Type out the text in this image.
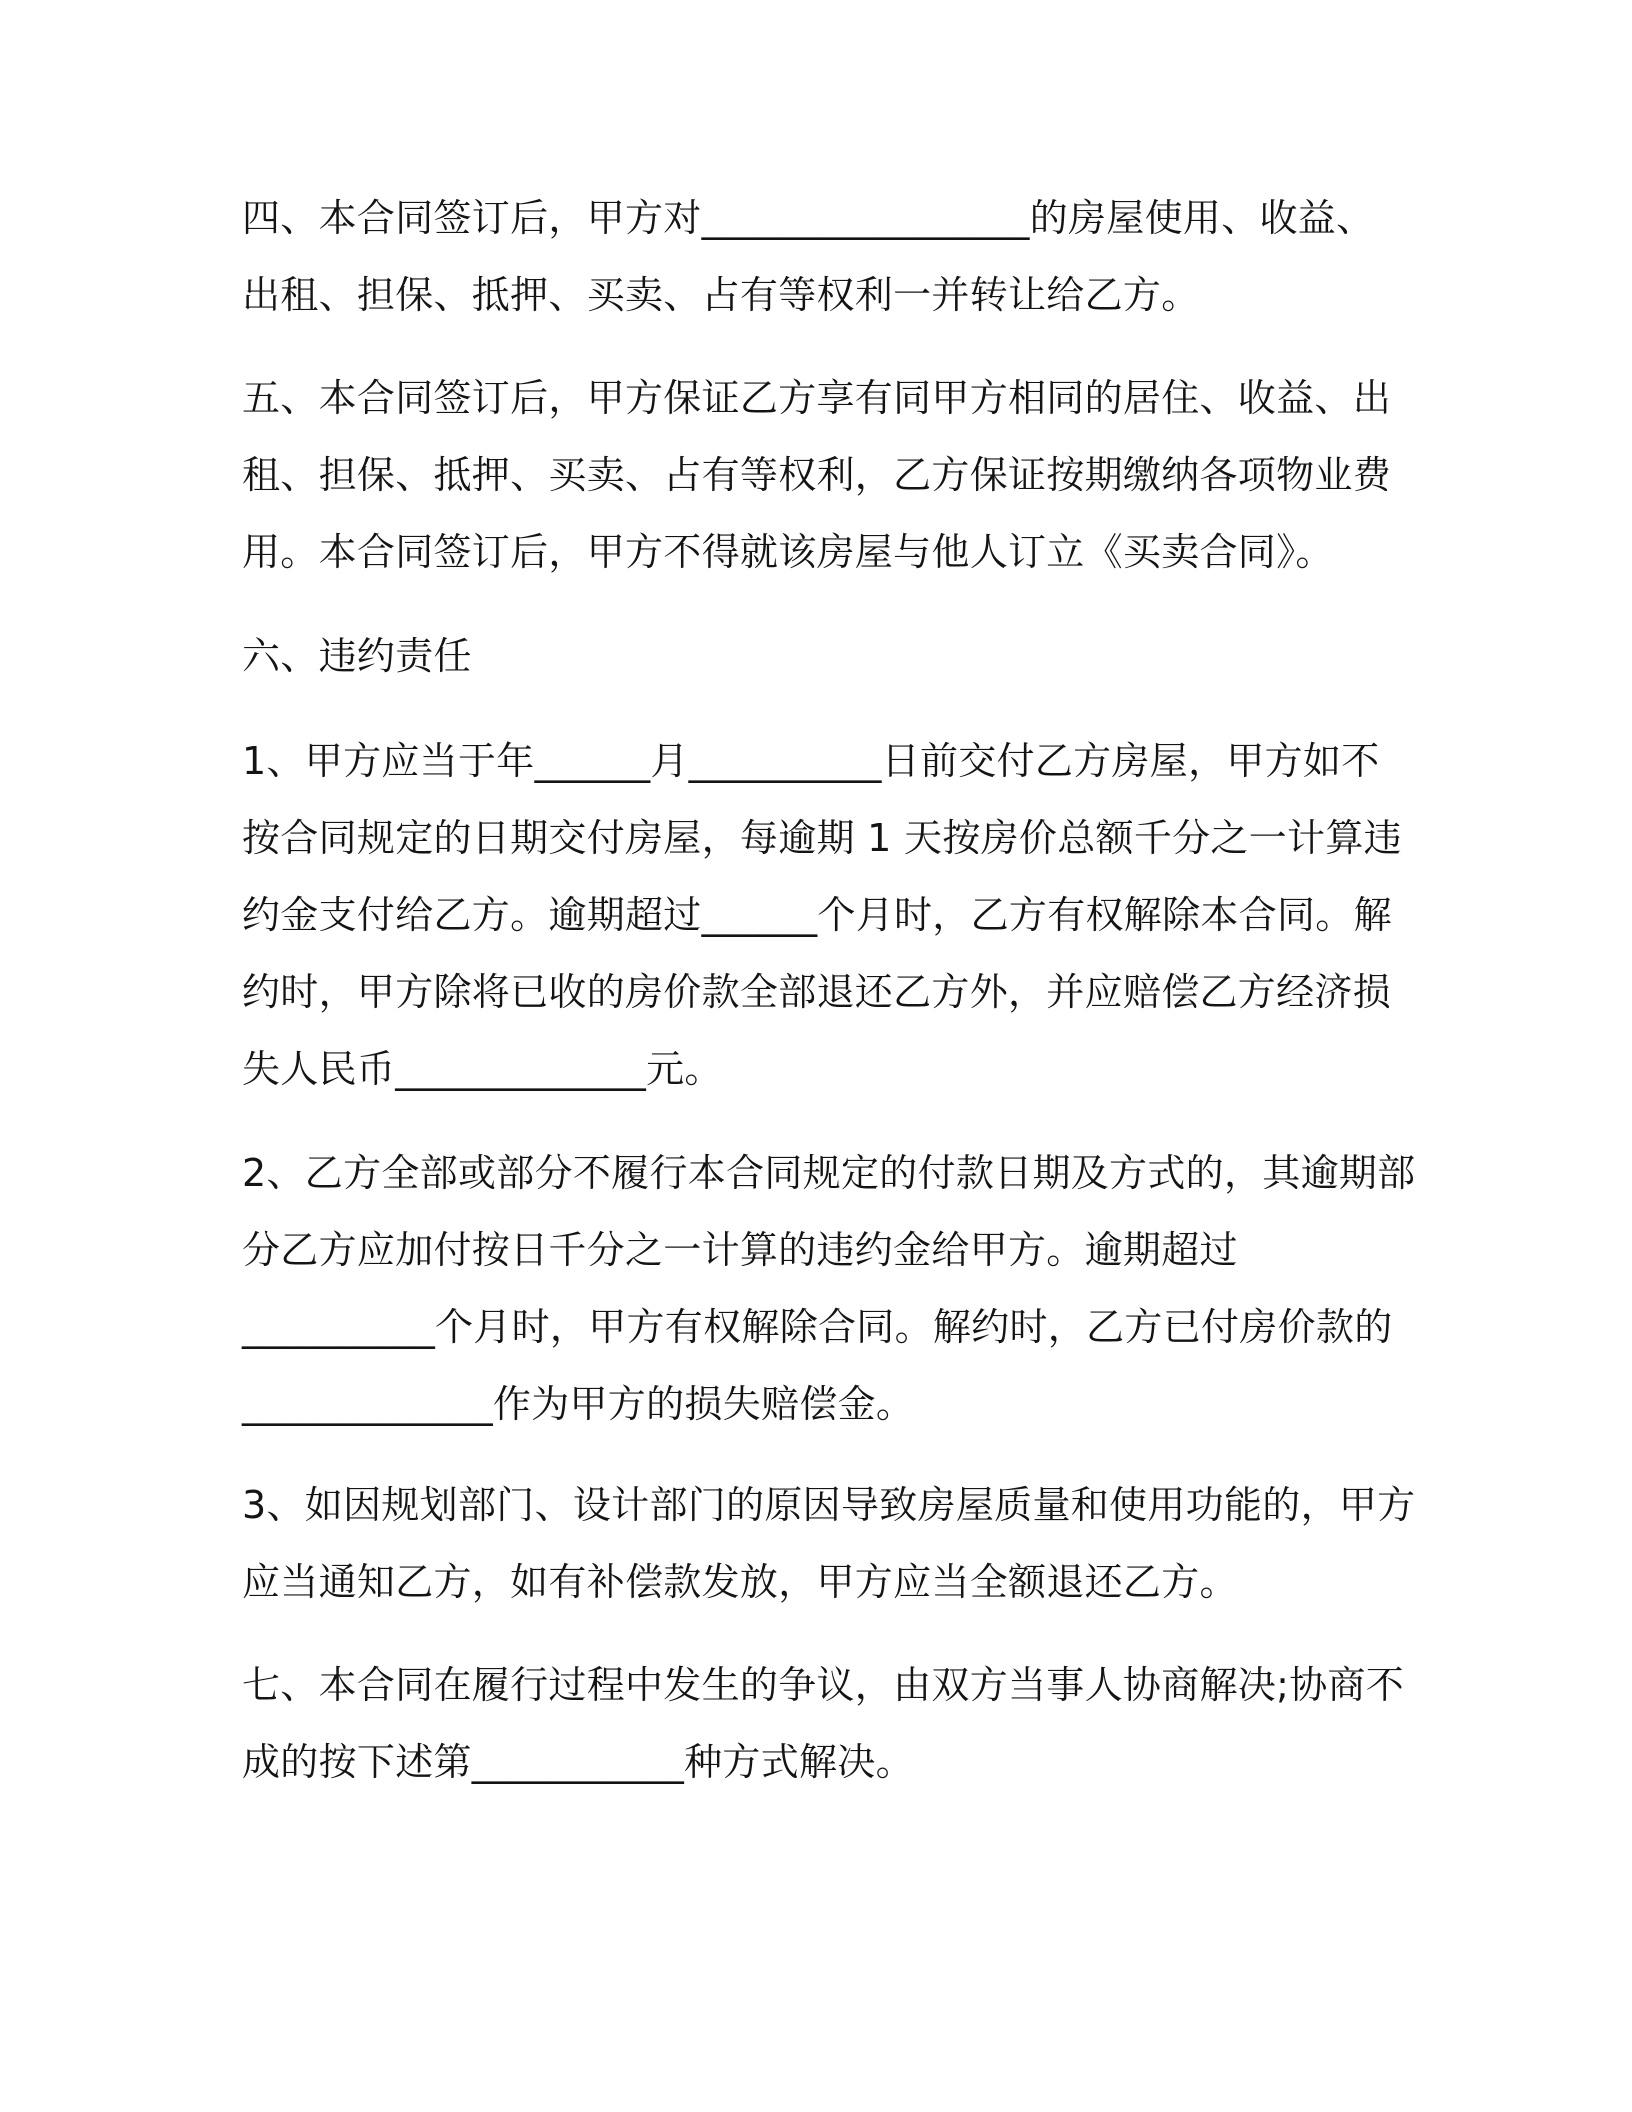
四、本合同签订后，甲方对_________________的房屋使用、收益、
出租、担保、抵押、买卖、占有等权利一并转让给乙方。
五、本合同签订后，甲方保证乙方享有同甲方相同的居住、收益、出
租、担保、抵押、买卖、占有等权利，乙方保证按期缴纳各项物业费
用。本合同签订后，甲方不得就该房屋与他人订立《买卖合同》。
六、违约责任
1、甲方应当于年______月__________日前交付乙方房屋，甲方如不
按合同规定的日期交付房屋，每逾期 1 天按房价总额千分之一计算违
约金支付给乙方。逾期超过______个月时，乙方有权解除本合同。解
约时，甲方除将已收的房价款全部退还乙方外，并应赔偿乙方经济损
失人民币_____________元。
2、乙方全部或部分不履行本合同规定的付款日期及方式的，其逾期部
分乙方应加付按日千分之一计算的违约金给甲方。逾期超过
__________个月时，甲方有权解除合同。解约时，乙方已付房价款的
_____________作为甲方的损失赔偿金。
3、如因规划部门、设计部门的原因导致房屋质量和使用功能的，甲方
应当通知乙方，如有补偿款发放，甲方应当全额退还乙方。
七、本合同在履行过程中发生的争议，由双方当事人协商解决;协商不
成的按下述第___________种方式解决。
